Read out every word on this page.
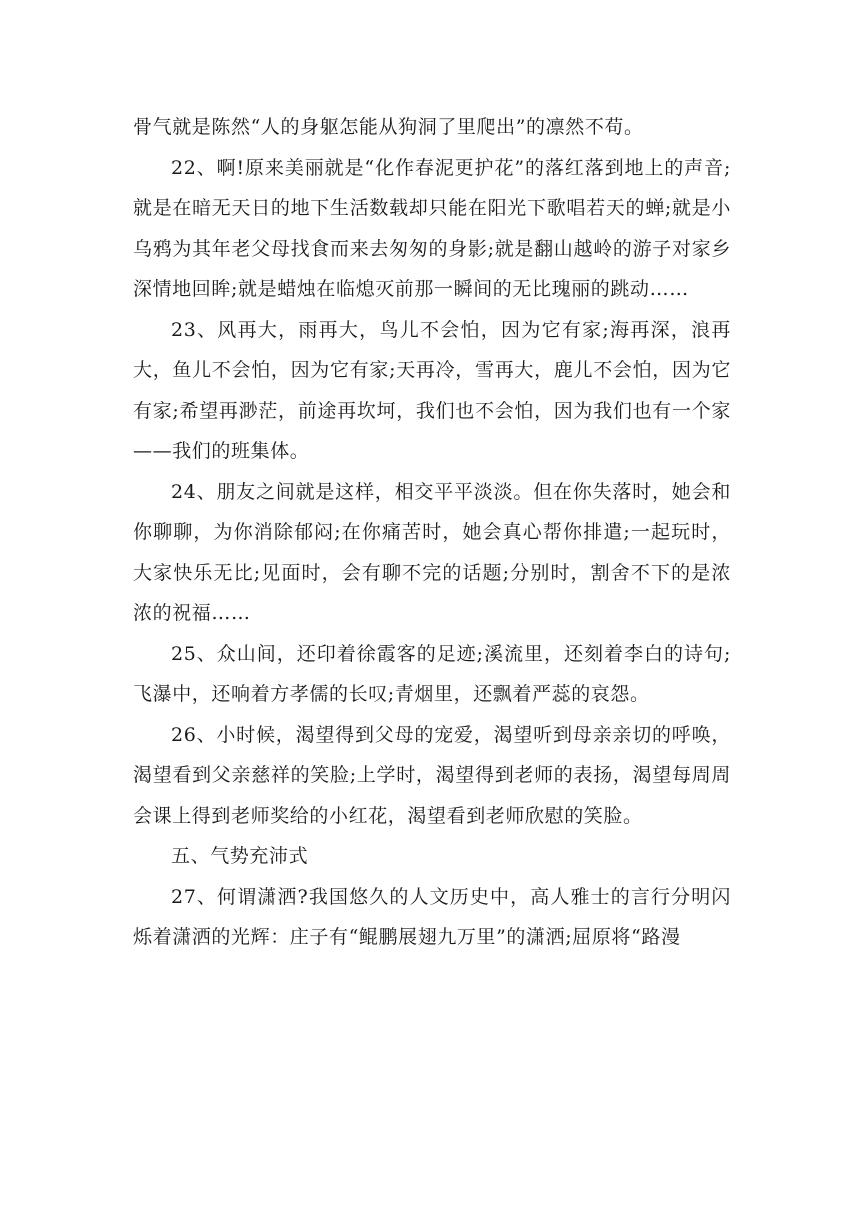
骨气就是陈然“人的身躯怎能从狗洞了里爬出”的凛然不苟。

22、啊!原来美丽就是“化作春泥更护花”的落红落到地上的声音;就是在暗无天日的地下生活数载却只能在阳光下歌唱若天的蝉;就是小乌鸦为其年老父母找食而来去匆匆的身影;就是翻山越岭的游子对家乡深情地回眸;就是蜡烛在临熄灭前那一瞬间的无比瑰丽的跳动……

23、风再大，雨再大，鸟儿不会怕，因为它有家;海再深，浪再大，鱼儿不会怕，因为它有家;天再冷，雪再大，鹿儿不会怕，因为它有家;希望再渺茫，前途再坎坷，我们也不会怕，因为我们也有一个家——我们的班集体。

24、朋友之间就是这样，相交平平淡淡。但在你失落时，她会和你聊聊，为你消除郁闷;在你痛苦时，她会真心帮你排遣;一起玩时，大家快乐无比;见面时，会有聊不完的话题;分别时，割舍不下的是浓浓的祝福……

25、众山间，还印着徐霞客的足迹;溪流里，还刻着李白的诗句;飞瀑中，还响着方孝儒的长叹;青烟里，还飘着严蕊的哀怨。

26、小时候，渴望得到父母的宠爱，渴望听到母亲亲切的呼唤，渴望看到父亲慈祥的笑脸;上学时，渴望得到老师的表扬，渴望每周周会课上得到老师奖给的小红花，渴望看到老师欣慰的笑脸。

五、气势充沛式

27、何谓潇洒?我国悠久的人文历史中，高人雅士的言行分明闪烁着潇洒的光辉：庄子有“鲲鹏展翅九万里”的潇洒;屈原将“路漫
